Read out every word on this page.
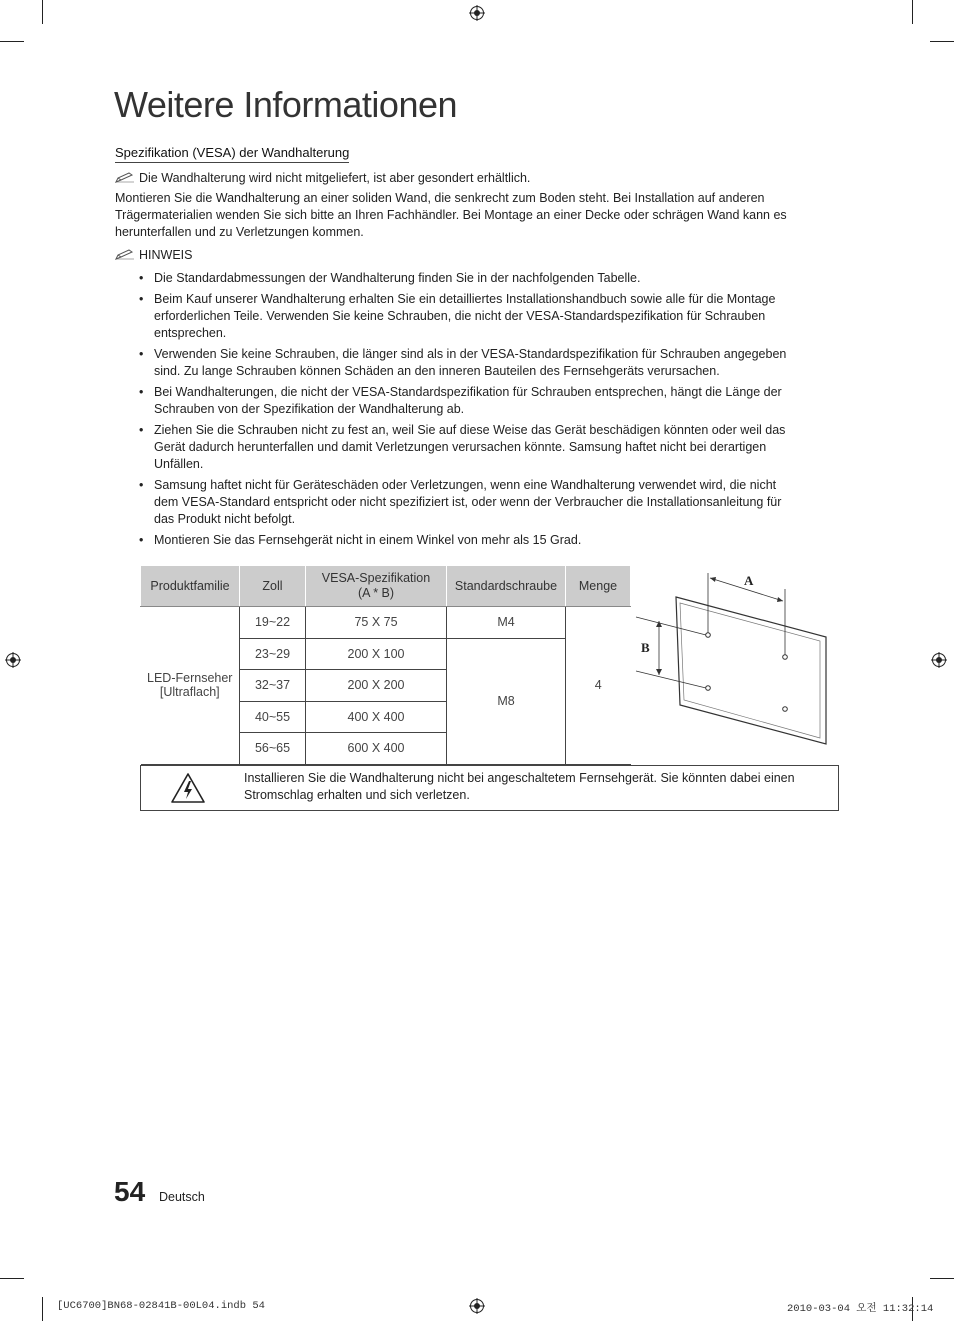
Weitere Informationen
Spezifikation (VESA) der Wandhalterung
Die Wandhalterung wird nicht mitgeliefert, ist aber gesondert erhältlich.
Montieren Sie die Wandhalterung an einer soliden Wand, die senkrecht zum Boden steht. Bei Installation auf anderen
Trägermaterialien wenden Sie sich bitte an Ihren Fachhändler. Bei Montage an einer Decke oder schrägen Wand kann es
herunterfallen und zu Verletzungen kommen.
HINWEIS
• Die Standardabmessungen der Wandhalterung finden Sie in der nachfolgenden Tabelle.
• Beim Kauf unserer Wandhalterung erhalten Sie ein detailliertes Installationshandbuch sowie alle für die Montage
erforderlichen Teile. Verwenden Sie keine Schrauben, die nicht der VESA-Standardspezifikation für Schrauben
entsprechen.
• Verwenden Sie keine Schrauben, die länger sind als in der VESA-Standardspezifikation für Schrauben angegeben
sind. Zu lange Schrauben können Schäden an den inneren Bauteilen des Fernsehgeräts verursachen.
• Bei Wandhalterungen, die nicht der VESA-Standardspezifikation für Schrauben entsprechen, hängt die Länge der
Schrauben von der Spezifikation der Wandhalterung ab.
• Ziehen Sie die Schrauben nicht zu fest an, weil Sie auf diese Weise das Gerät beschädigen könnten oder weil das
Gerät dadurch herunterfallen und damit Verletzungen verursachen könnte. Samsung haftet nicht bei derartigen
Unfällen.
• Samsung haftet nicht für Geräteschäden oder Verletzungen, wenn eine Wandhalterung verwendet wird, die nicht
dem VESA-Standard entspricht oder nicht spezifiziert ist, oder wenn der Verbraucher die Installationsanleitung für
das Produkt nicht befolgt.
• Montieren Sie das Fernsehgerät nicht in einem Winkel von mehr als 15 Grad.
Produktfamilie	Zoll	VESA-Spezifikation
(A * B)	Standardschraube	Menge

LED-Fernseher
[Ultraflach]	19~22	75 X 75	M4	4
	23~29	200 X 100	M8	
	32~37	200 X 200		
	40~55	400 X 400		
	56~65	600 X 400		
A
B
Installieren Sie die Wandhalterung nicht bei angeschaltetem Fernsehgerät. Sie könnten dabei einen
Stromschlag erhalten und sich verletzen.
54 Deutsch
[UC6700]BN68-02841B-00L04.indb 54	2010-03-04 오전 11:32:14
